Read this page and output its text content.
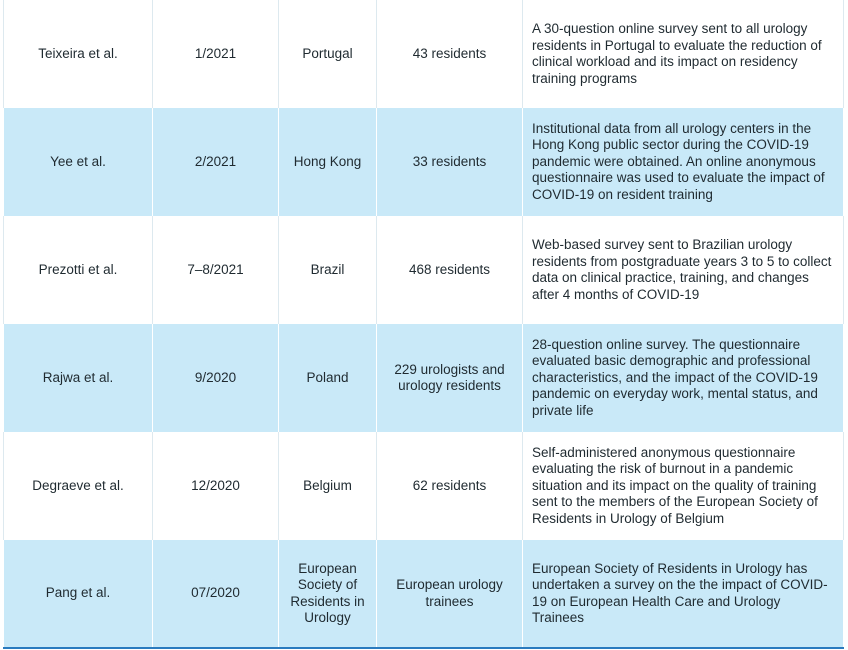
Teixeira et al.	1/2021	Portugal	43 residents	A 30-question online survey sent to all urology residents in Portugal to evaluate the reduction of clinical workload and its impact on residency training programs
Yee et al.	2/2021	Hong Kong	33 residents	Institutional data from all urology centers in the Hong Kong public sector during the COVID-19 pandemic were obtained. An online anonymous questionnaire was used to evaluate the impact of COVID-19 on resident training
Prezotti et al.	7–8/2021	Brazil	468 residents	Web-based survey sent to Brazilian urology residents from postgraduate years 3 to 5 to collect data on clinical practice, training, and changes after 4 months of COVID-19
Rajwa et al.	9/2020	Poland	229 urologists and urology residents	28-question online survey. The questionnaire evaluated basic demographic and professional characteristics, and the impact of the COVID-19 pandemic on everyday work, mental status, and private life
Degraeve et al.	12/2020	Belgium	62 residents	Self-administered anonymous questionnaire evaluating the risk of burnout in a pandemic situation and its impact on the quality of training sent to the members of the European Society of Residents in Urology of Belgium
Pang et al.	07/2020	European Society of Residents in Urology	European urology trainees	European Society of Residents in Urology has undertaken a survey on the the impact of COVID-19 on European Health Care and Urology Trainees
